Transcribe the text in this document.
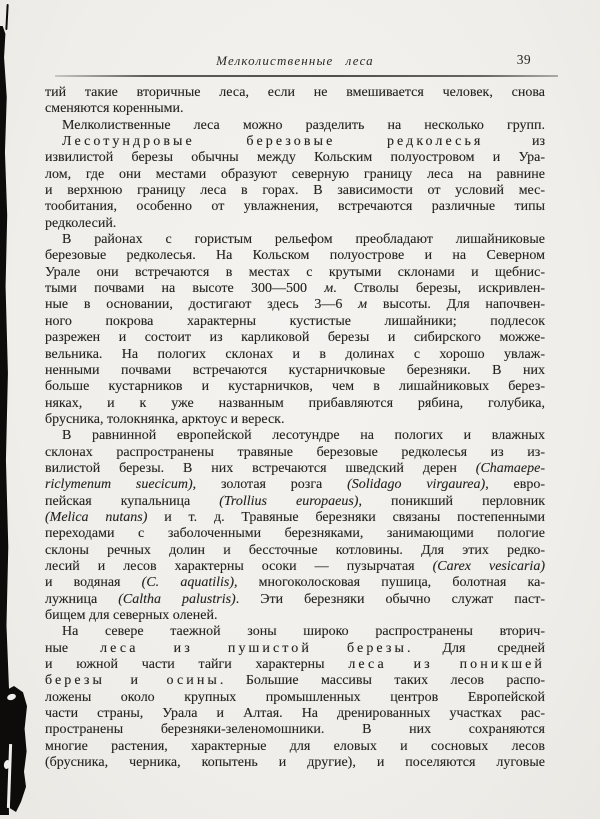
Мелколиственные леса	39
тий такие вторичные леса, если не вмешивается человек, снова
сменяются коренными.
Мелколиственные леса можно разделить на несколько групп.
Лесотундровые березовые редколесья из
извилистой березы обычны между Кольским полуостровом и Ура-
лом, где они местами образуют северную границу леса на равнине
и верхнюю границу леса в горах. В зависимости от условий мес-
тообитания, особенно от увлажнения, встречаются различные типы
редколесий.
В районах с гористым рельефом преобладают лишайниковые
березовые редколесья. На Кольском полуострове и на Северном
Урале они встречаются в местах с крутыми склонами и щебнис-
тыми почвами на высоте 300—500 м. Стволы березы, искривлен-
ные в основании, достигают здесь 3—6 м высоты. Для напочвен-
ного покрова характерны кустистые лишайники; подлесок
разрежен и состоит из карликовой березы и сибирского можже-
вельника. На пологих склонах и в долинах с хорошо увлаж-
ненными почвами встречаются кустарничковые березняки. В них
больше кустарников и кустарничков, чем в лишайниковых берез-
няках, и к уже названным прибавляются рябина, голубика,
брусника, толокнянка, арктоус и вереск.
В равнинной европейской лесотундре на пологих и влажных
склонах распространены травяные березовые редколесья из из-
вилистой березы. В них встречаются шведский дерен (Chamaepe-
riclymenum suecicum), золотая розга (Solidago virgaurea), евро-
пейская купальница (Trollius europaeus), поникший перловник
(Melica nutans) и т. д. Травяные березняки связаны постепенными
переходами с заболоченными березняками, занимающими пологие
склоны речных долин и бессточные котловины. Для этих редко-
лесий и лесов характерны осоки — пузырчатая (Carex vesicaria)
и водяная (C. aquatilis), многоколосковая пушица, болотная ка-
лужница (Caltha palustris). Эти березняки обычно служат паст-
бищем для северных оленей.
На севере таежной зоны широко распространены вторич-
ные леса из пушистой березы. Для средней
и южной части тайги характерны леса из поникшей
березы и осины. Большие массивы таких лесов распо-
ложены около крупных промышленных центров Европейской
части страны, Урала и Алтая. На дренированных участках рас-
пространены березняки-зеленомошники. В них сохраняются
многие растения, характерные для еловых и сосновых лесов
(брусника, черника, копытень и другие), и поселяются луговые
